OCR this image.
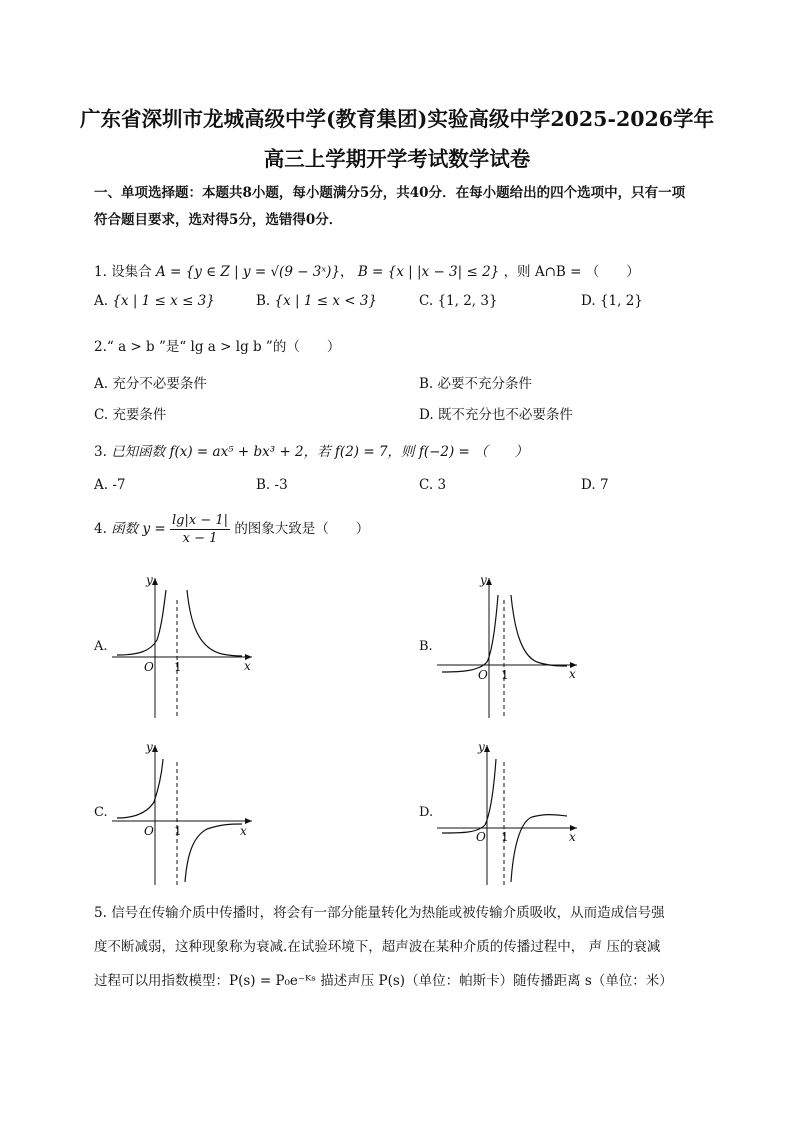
广东省深圳市龙城高级中学(教育集团)实验高级中学2025-2026学年
高三上学期开学考试数学试卷
一、单项选择题：本题共8小题，每小题满分5分，共40分．在每小题给出的四个选项中，只有一项符合题目要求，选对得5分，选错得0分．
1. 设集合 A = {y ∈ Z | y = √(9 − 3ˣ)}， B = {x | |x − 3| ≤ 2} ，则 A∩B = （　　）
A. {x | 1 ≤ x ≤ 3}	B. {x | 1 ≤ x < 3}	C. {1, 2, 3}	D. {1, 2}
2.“ a > b ”是“ lg a > lg b ”的（　　）
A. 充分不必要条件	B. 必要不充分条件
C. 充要条件	D. 既不充分也不必要条件
3. 已知函数 f(x) = ax⁵ + bx³ + 2，若 f(2) = 7，则 f(−2) = （　　）
A. -7	B. -3	C. 3	D. 7
4. 函数 $y = \frac{\lg|x - 1|}{x - 1}$ 的图象大致是（　　）
A.	B.
C.	D.
y
x
O 1
y
x
O 1
y
x
O 1
y
x
O 1
5. 信号在传输介质中传播时，将会有一部分能量转化为热能或被传输介质吸收，从而造成信号强
度不断减弱，这种现象称为衰减.在试验环境下，超声波在某种介质的传播过程中， 声 压的衰减
过程可以用指数模型：P(s) = P₀e⁻ᴷˢ 描述声压 P(s)（单位：帕斯卡）随传播距离 s（单位：米）
